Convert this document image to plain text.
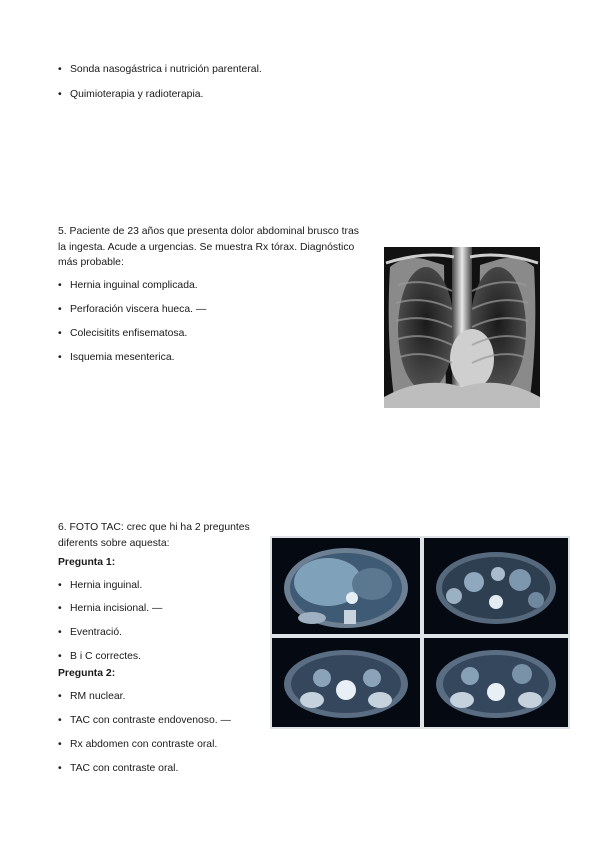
• Sonda nasogástrica i nutrición parenteral.
• Quimioterapia y radioterapia.
5. Paciente de 23 años que presenta dolor abdominal brusco tras
la ingesta. Acude a urgencias. Se muestra Rx tórax. Diagnóstico
más probable:
• Hernia inguinal complicada.
• Perforación viscera hueca. —
• Colecisitits enfisematosa.
• Isquemia mesenterica.
6. FOTO TAC: crec que hi ha 2 preguntes
diferents sobre aquesta:
Pregunta 1:
• Hernia inguinal.
• Hernia incisional. —
• Eventració.
• B i C correctes.
Pregunta 2:
• RM nuclear.
• TAC con contraste endovenoso. —
• Rx abdomen con contraste oral.
• TAC con contraste oral.
